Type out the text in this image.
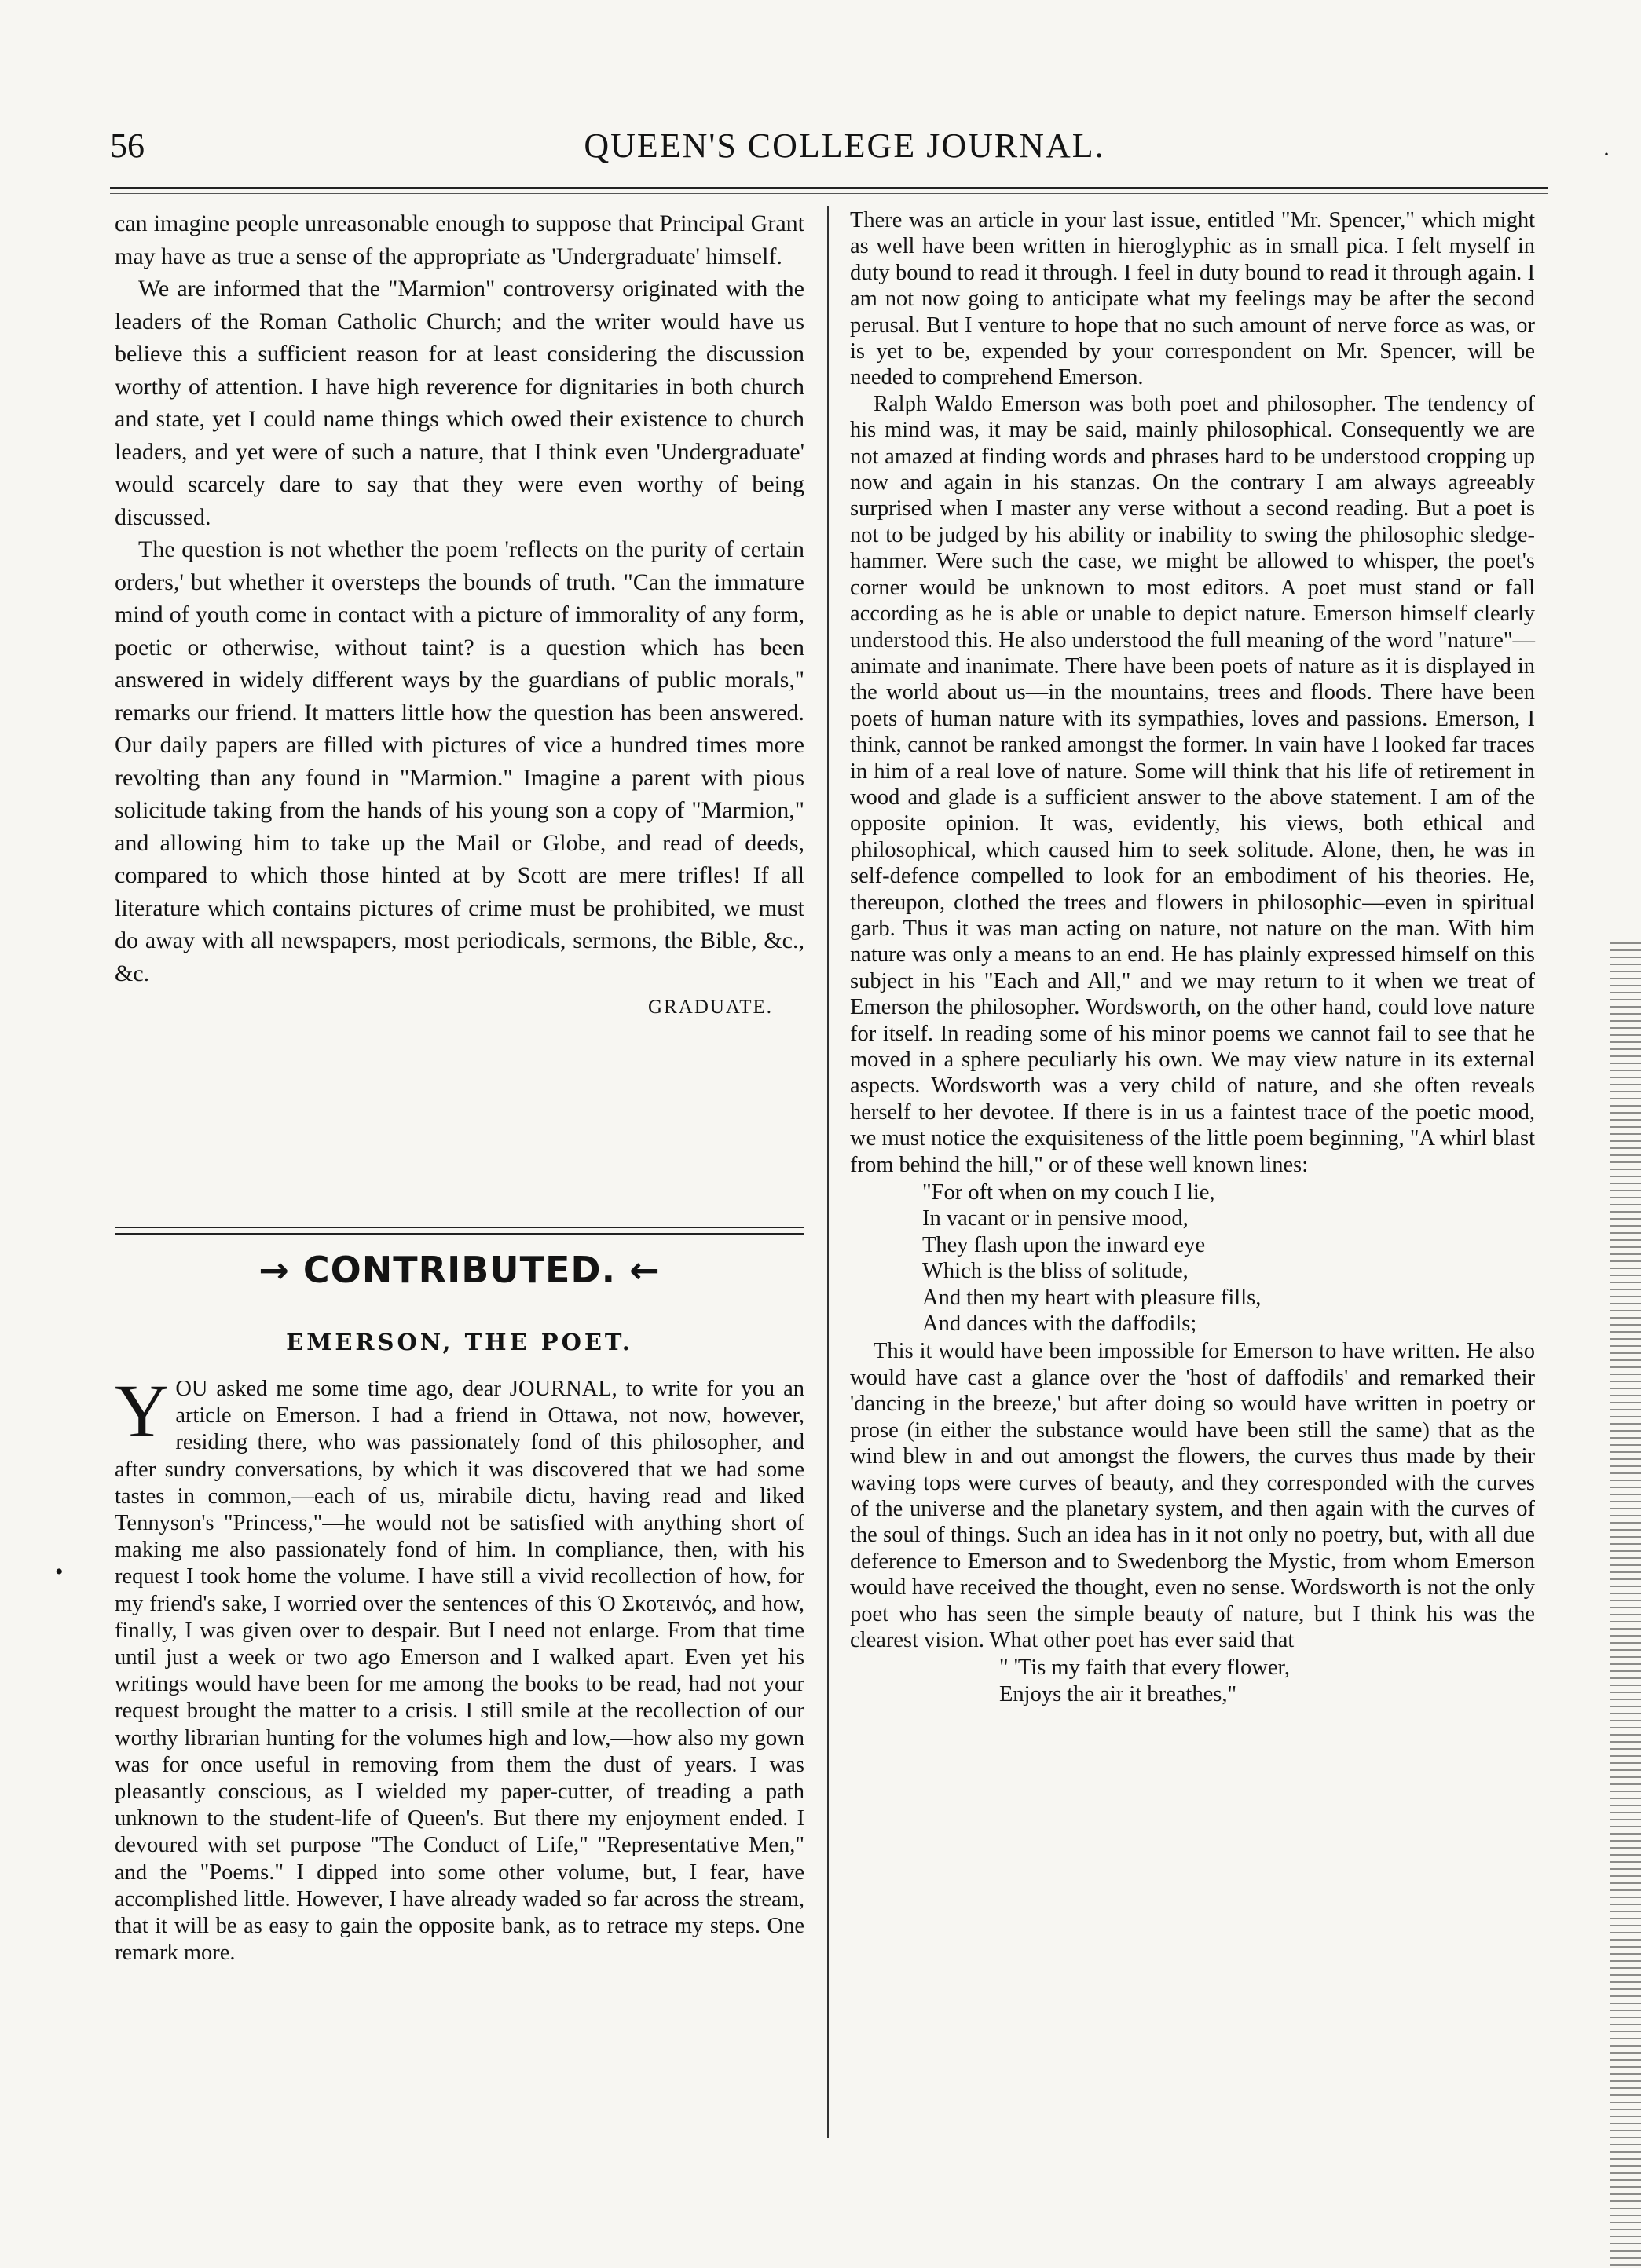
56	QUEEN'S COLLEGE JOURNAL.

can imagine people unreasonable enough to suppose that Principal Grant may have as true a sense of the appropriate as 'Undergraduate' himself.

We are informed that the "Marmion" controversy originated with the leaders of the Roman Catholic Church; and the writer would have us believe this a sufficient reason for at least considering the discussion worthy of attention. I have high reverence for dignitaries in both church and state, yet I could name things which owed their existence to church leaders, and yet were of such a nature, that I think even 'Undergraduate' would scarcely dare to say that they were even worthy of being discussed.

The question is not whether the poem 'reflects on the purity of certain orders,' but whether it oversteps the bounds of truth. "Can the immature mind of youth come in contact with a picture of immorality of any form, poetic or otherwise, without taint? is a question which has been answered in widely different ways by the guardians of public morals," remarks our friend. It matters little how the question has been answered. Our daily papers are filled with pictures of vice a hundred times more revolting than any found in "Marmion." Imagine a parent with pious solicitude taking from the hands of his young son a copy of "Marmion," and allowing him to take up the Mail or Globe, and read of deeds, compared to which those hinted at by Scott are mere trifles! If all literature which contains pictures of crime must be prohibited, we must do away with all newspapers, most periodicals, sermons, the Bible, &c., &c.

GRADUATE.
→ CONTRIBUTED. ←
EMERSON, THE POET.

YOU asked me some time ago, dear JOURNAL, to write for you an article on Emerson. I had a friend in Ottawa, not now, however, residing there, who was passionately fond of this philosopher, and after sundry conversations, by which it was discovered that we had some tastes in common,—each of us, mirabile dictu, having read and liked Tennyson's "Princess,"—he would not be satisfied with anything short of making me also passionately fond of him. In compliance, then, with his request I took home the volume. I have still a vivid recollection of how, for my friend's sake, I worried over the sentences of this Ὁ Σκοτεινός, and how, finally, I was given over to despair. But I need not enlarge. From that time until just a week or two ago Emerson and I walked apart. Even yet his writings would have been for me among the books to be read, had not your request brought the matter to a crisis. I still smile at the recollection of our worthy librarian hunting for the volumes high and low,—how also my gown was for once useful in removing from them the dust of years. I was pleasantly conscious, as I wielded my paper-cutter, of treading a path unknown to the student-life of Queen's. But there my enjoyment ended. I devoured with set purpose "The Conduct of Life," "Representative Men," and the "Poems." I dipped into some other volume, but, I fear, have accomplished little. However, I have already waded so far across the stream, that it will be as easy to gain the opposite bank, as to retrace my steps. One remark more.

There was an article in your last issue, entitled "Mr. Spencer," which might as well have been written in hieroglyphic as in small pica. I felt myself in duty bound to read it through. I feel in duty bound to read it through again. I am not now going to anticipate what my feelings may be after the second perusal. But I venture to hope that no such amount of nerve force as was, or is yet to be, expended by your correspondent on Mr. Spencer, will be needed to comprehend Emerson.

Ralph Waldo Emerson was both poet and philosopher. The tendency of his mind was, it may be said, mainly philosophical. Consequently we are not amazed at finding words and phrases hard to be understood cropping up now and again in his stanzas. On the contrary I am always agreeably surprised when I master any verse without a second reading. But a poet is not to be judged by his ability or inability to swing the philosophic sledge-hammer. Were such the case, we might be allowed to whisper, the poet's corner would be unknown to most editors. A poet must stand or fall according as he is able or unable to depict nature. Emerson himself clearly understood this. He also understood the full meaning of the word "nature"—animate and inanimate. There have been poets of nature as it is displayed in the world about us—in the mountains, trees and floods. There have been poets of human nature with its sympathies, loves and passions. Emerson, I think, cannot be ranked amongst the former. In vain have I looked far traces in him of a real love of nature. Some will think that his life of retirement in wood and glade is a sufficient answer to the above statement. I am of the opposite opinion. It was, evidently, his views, both ethical and philosophical, which caused him to seek solitude. Alone, then, he was in self-defence compelled to look for an embodiment of his theories. He, thereupon, clothed the trees and flowers in philosophic—even in spiritual garb. Thus it was man acting on nature, not nature on the man. With him nature was only a means to an end. He has plainly expressed himself on this subject in his "Each and All," and we may return to it when we treat of Emerson the philosopher. Wordsworth, on the other hand, could love nature for itself. In reading some of his minor poems we cannot fail to see that he moved in a sphere peculiarly his own. We may view nature in its external aspects. Wordsworth was a very child of nature, and she often reveals herself to her devotee. If there is in us a faintest trace of the poetic mood, we must notice the exquisiteness of the little poem beginning, "A whirl blast from behind the hill," or of these well known lines:

"For oft when on my couch I lie,
In vacant or in pensive mood,
They flash upon the inward eye
Which is the bliss of solitude,
And then my heart with pleasure fills,
And dances with the daffodils;

This it would have been impossible for Emerson to have written. He also would have cast a glance over the 'host of daffodils' and remarked their 'dancing in the breeze,' but after doing so would have written in poetry or prose (in either the substance would have been still the same) that as the wind blew in and out amongst the flowers, the curves thus made by their waving tops were curves of beauty, and they corresponded with the curves of the universe and the planetary system, and then again with the curves of the soul of things. Such an idea has in it not only no poetry, but, with all due deference to Emerson and to Swedenborg the Mystic, from whom Emerson would have received the thought, even no sense. Wordsworth is not the only poet who has seen the simple beauty of nature, but I think his was the clearest vision. What other poet has ever said that

" 'Tis my faith that every flower,
Enjoys the air it breathes,"
•
·
